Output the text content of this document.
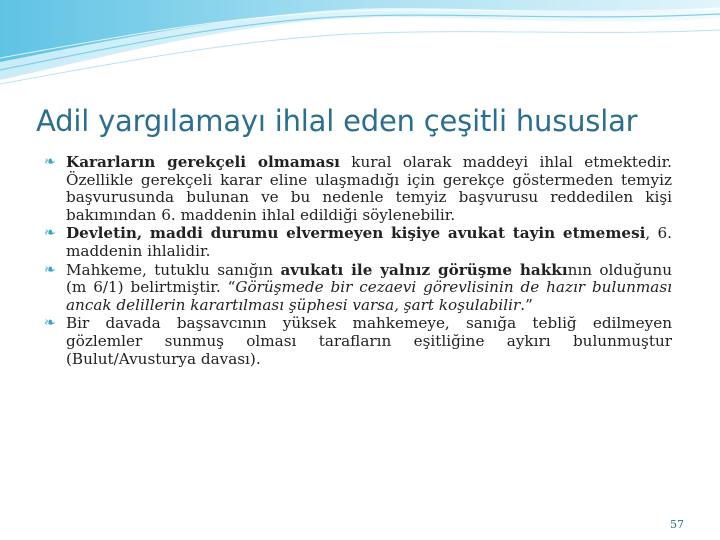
Adil yargılamayı ihlal eden çeşitli hususlar
❧ Kararların gerekçeli olmaması kural olarak maddeyi ihlal etmektedir. Özellikle gerekçeli karar eline ulaşmadığı için gerekçe göstermeden temyiz başvurusunda bulunan ve bu nedenle temyiz başvurusu reddedilen kişi bakımından 6. maddenin ihlal edildiği söylenebilir.
❧ Devletin, maddi durumu elvermeyen kişiye avukat tayin etmemesi, 6. maddenin ihlalidir.
❧ Mahkeme, tutuklu sanığın avukatı ile yalnız görüşme hakkının olduğunu (m 6/1) belirtmiştir. “Görüşmede bir cezaevi görevlisinin de hazır bulunması ancak delillerin karartılması şüphesi varsa, şart koşulabilir.”
❧ Bir davada başsavcının yüksek mahkemeye, sanığa tebliğ edilmeyen gözlemler sunmuş olması tarafların eşitliğine aykırı bulunmuştur (Bulut/Avusturya davası).
57
